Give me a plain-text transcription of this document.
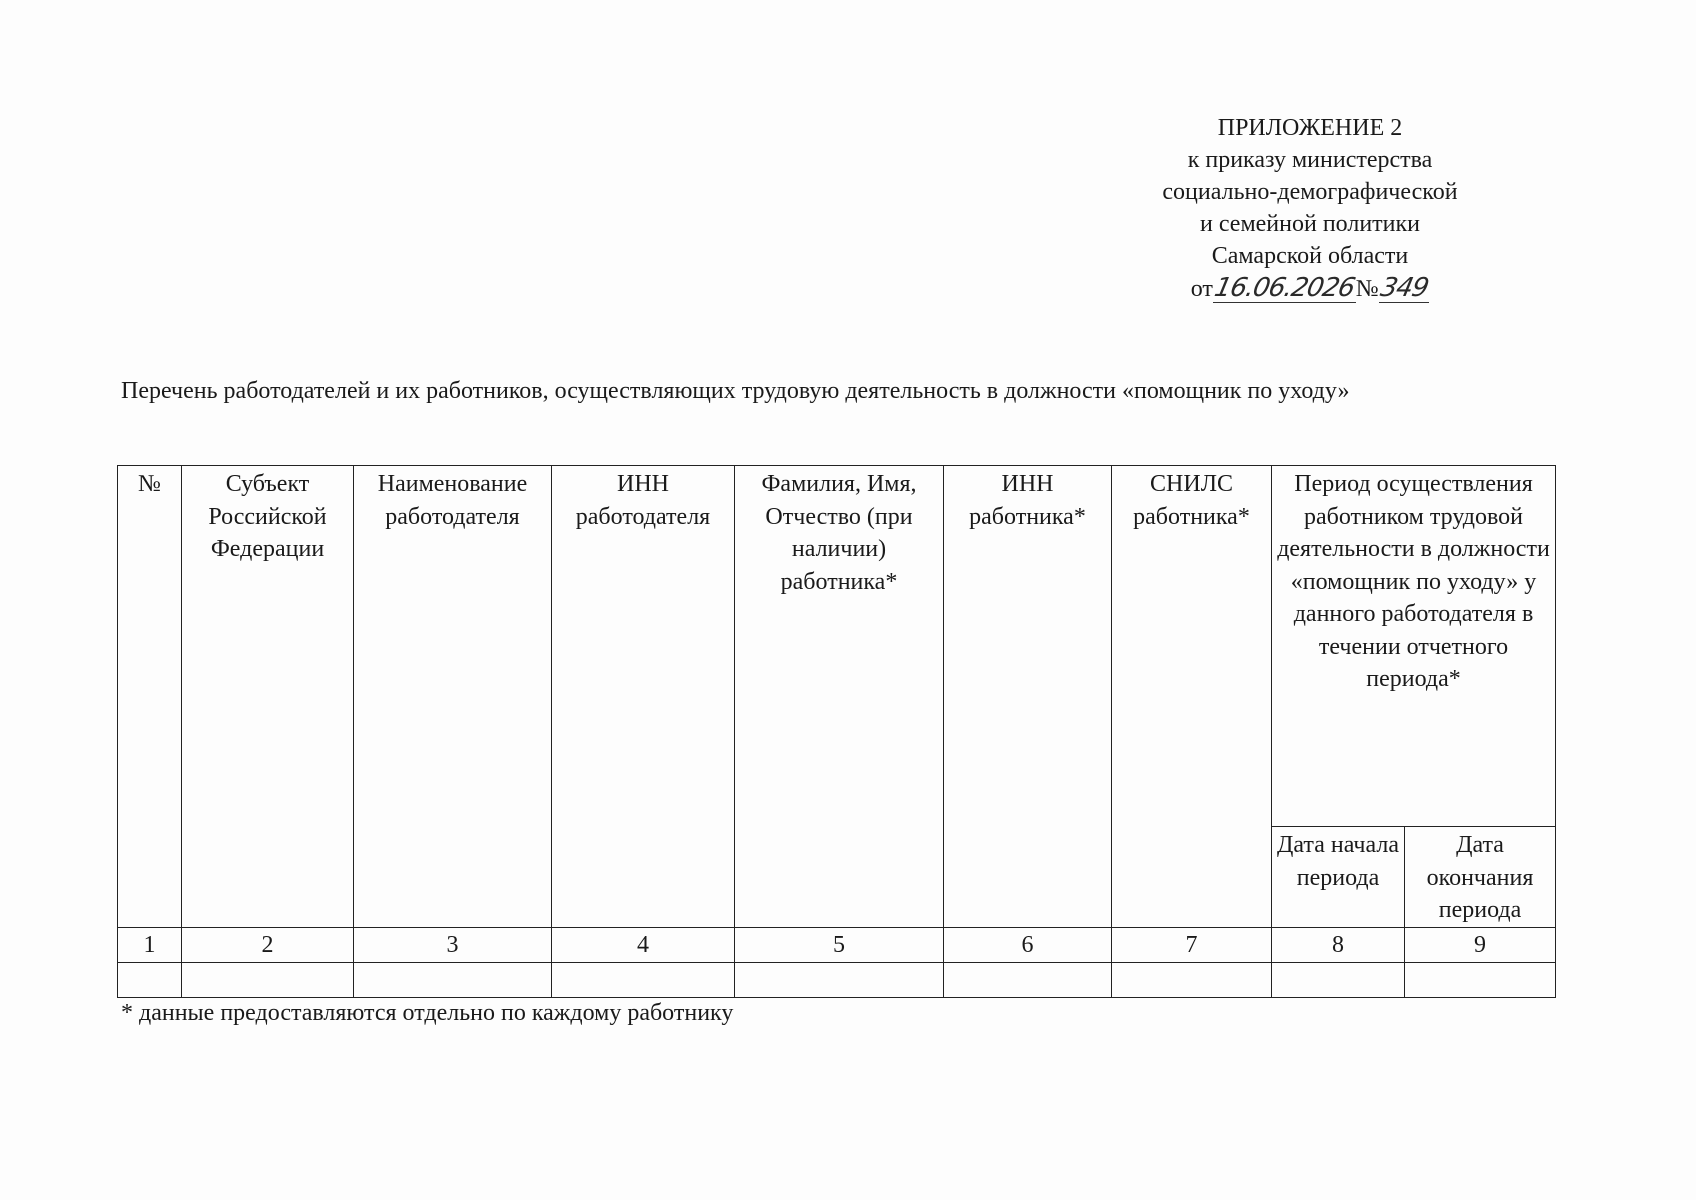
ПРИЛОЖЕНИЕ 2
к приказу министерства
социально-демографической
и семейной политики
Самарской области
от16.06.2026№349
Перечень работодателей и их работников, осуществляющих трудовую деятельность в должности «помощник по уходу»
№	Субъект Российской Федерации	Наименование работодателя	ИНН работодателя	Фамилия, Имя, Отчество (при наличии) работника*	ИНН работника*	СНИЛС работника*	Период осуществления работником трудовой деятельности в должности «помощник по уходу» у данного работодателя в течении отчетного периода*	
							Дата начала периода	Дата окончания периода
1	2	3	4	5	6	7	8	9

* данные предоставляются отдельно по каждому работнику
